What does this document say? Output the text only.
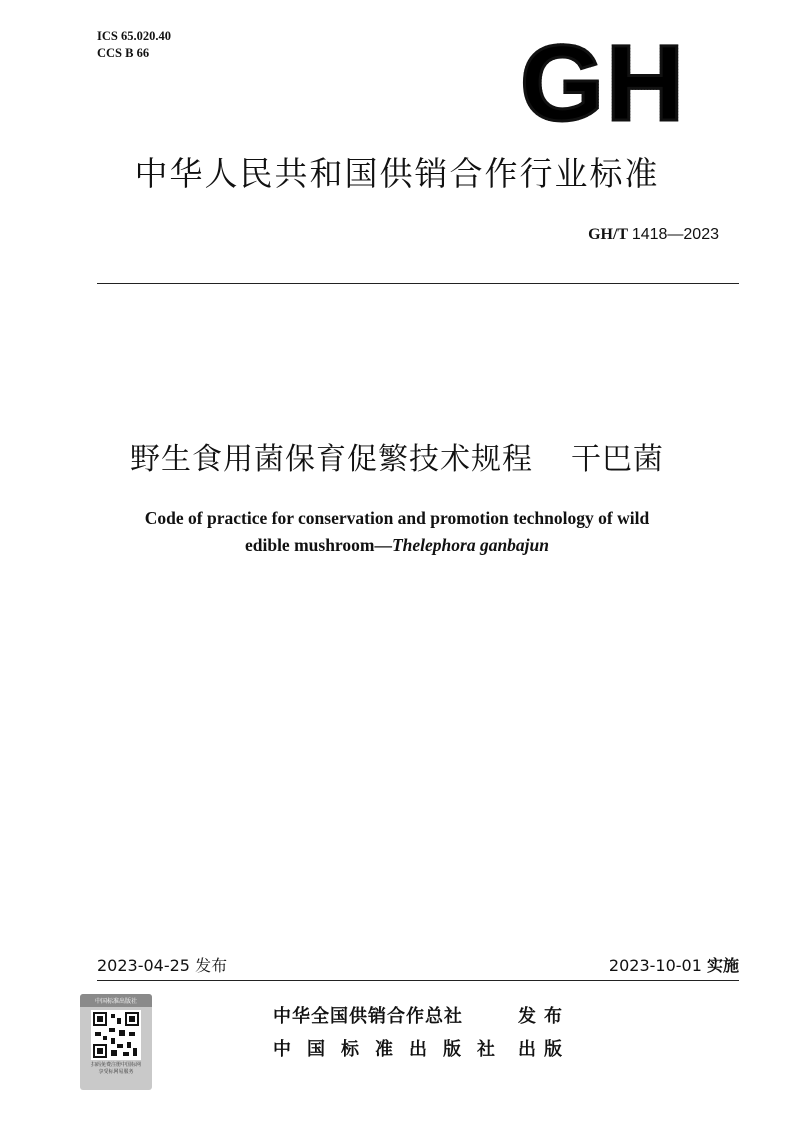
ICS 65.020.40
CCS B 66	GH
中华人民共和国供销合作行业标准
GH/T 1418—2023
野生食用菌保育促繁技术规程 干巴菌
Code of practice for conservation and promotion technology of wild
edible mushroom—Thelephora ganbajun
2023-04-25 发布	2023-10-01 实施
中国标准出版社
扫码免费注册中国标网
享受标网易服务
中华全国供销合作总社	发布
中国标准出版社 出版
